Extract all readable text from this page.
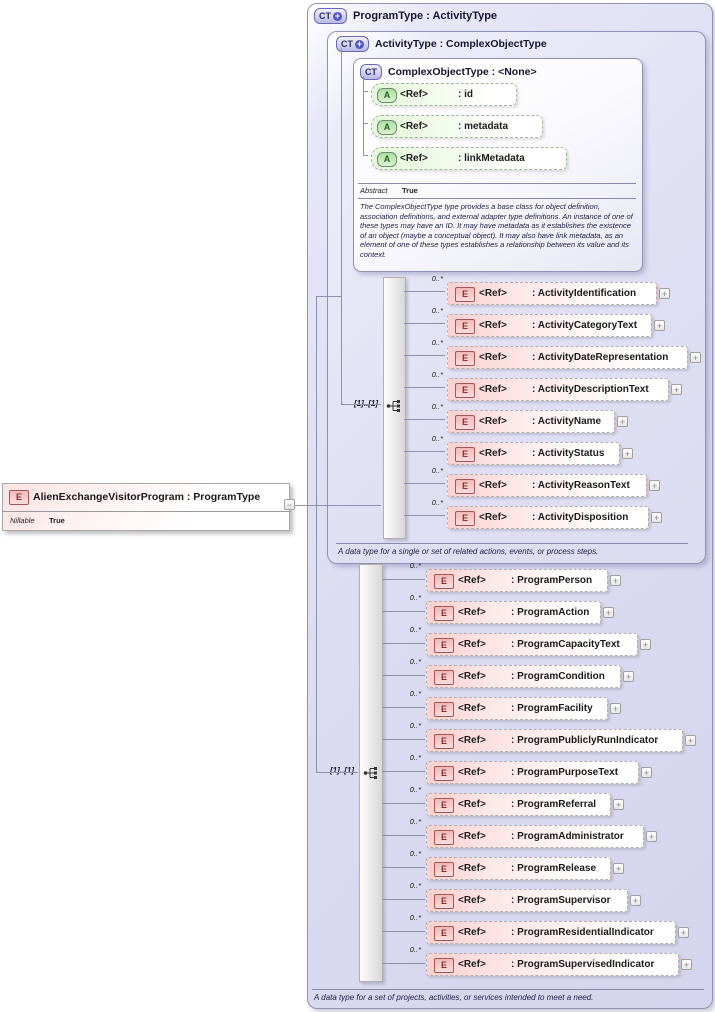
CT + ProgramType : ActivityType
CT + ActivityType : ComplexObjectType
CT ComplexObjectType : <None>
A <Ref>	: id
A <Ref>	: metadata
A <Ref>	: linkMetadata
Abstract True
The ComplexObjectType type provides a base class for object definition, association definitions, and external adapter type definitions. An instance of one of these types may have an ID. It may have metadata as it establishes the existence of an object (maybe a conceptual object). It may also have link metadata, as an element of one of these types establishes a relationship between its value and its context.
[1]..[1]
0..*
E	<Ref>	: ActivityIdentification	+
0..*
E	<Ref>	: ActivityCategoryText	+
0..*
E	<Ref>	: ActivityDateRepresentation	+
0..*
E	<Ref>	: ActivityDescriptionText	+
0..*
E	<Ref>	: ActivityName	+
0..*
E	<Ref>	: ActivityStatus	+
0..*
E	<Ref>	: ActivityReasonText	+
0..*
E	<Ref>	: ActivityDisposition	+
A data type for a single or set of related actions, events, or process steps.
[1]..[1]
0..*
E	<Ref>	: ProgramPerson	+
0..*
E	<Ref>	: ProgramAction	+
0..*
E	<Ref>	: ProgramCapacityText	+
0..*
E	<Ref>	: ProgramCondition	+
0..*
E	<Ref>	: ProgramFacility	+
0..*
E	<Ref>	: ProgramPubliclyRunIndicator	+
0..*
E	<Ref>	: ProgramPurposeText	+
0..*
E	<Ref>	: ProgramReferral	+
0..*
E	<Ref>	: ProgramAdministrator	+
0..*
E	<Ref>	: ProgramRelease	+
0..*
E	<Ref>	: ProgramSupervisor	+
0..*
E	<Ref>	: ProgramResidentialIndicator	+
0..*
E	<Ref>	: ProgramSupervisedIndicator	+
A data type for a set of projects, activities, or services intended to meet a need.
E	AlienExchangeVisitorProgram : ProgramType
Nillable True
−
